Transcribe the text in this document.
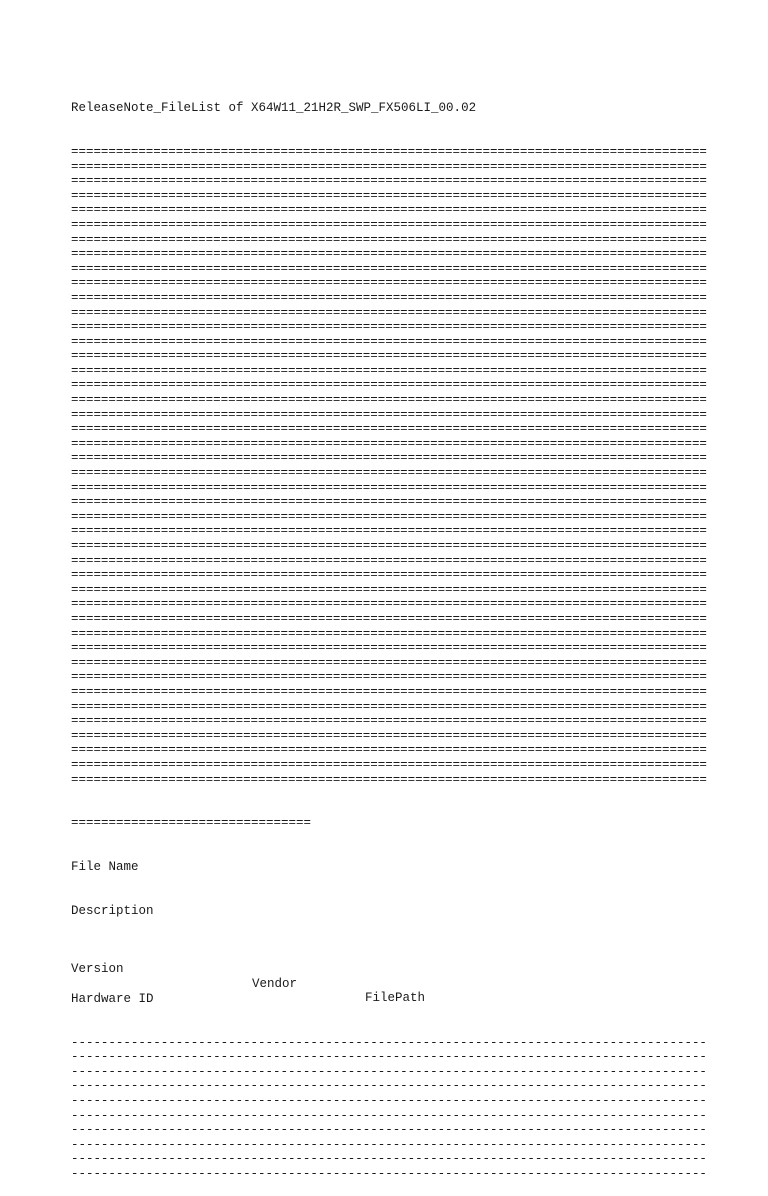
ReleaseNote_FileList of X64W11_21H2R_SWP_FX506LI_00.02

=====================================================================================
=====================================================================================
=====================================================================================
=====================================================================================
=====================================================================================
=====================================================================================
=====================================================================================
=====================================================================================
=====================================================================================
=====================================================================================
=====================================================================================
=====================================================================================
=====================================================================================
=====================================================================================
=====================================================================================
=====================================================================================
=====================================================================================
=====================================================================================
=====================================================================================
=====================================================================================
=====================================================================================
=====================================================================================
=====================================================================================
=====================================================================================
=====================================================================================
=====================================================================================
=====================================================================================
=====================================================================================
=====================================================================================
=====================================================================================
=====================================================================================
=====================================================================================
=====================================================================================
=====================================================================================
=====================================================================================
=====================================================================================
=====================================================================================
=====================================================================================
=====================================================================================
=====================================================================================
=====================================================================================
=====================================================================================
=====================================================================================
=====================================================================================

================================

File Name

Description

Version

Vendor

FilePath

Hardware ID

-------------------------------------------------------------------------------------
-------------------------------------------------------------------------------------
-------------------------------------------------------------------------------------
-------------------------------------------------------------------------------------
-------------------------------------------------------------------------------------
-------------------------------------------------------------------------------------
-------------------------------------------------------------------------------------
-------------------------------------------------------------------------------------
-------------------------------------------------------------------------------------
-------------------------------------------------------------------------------------
